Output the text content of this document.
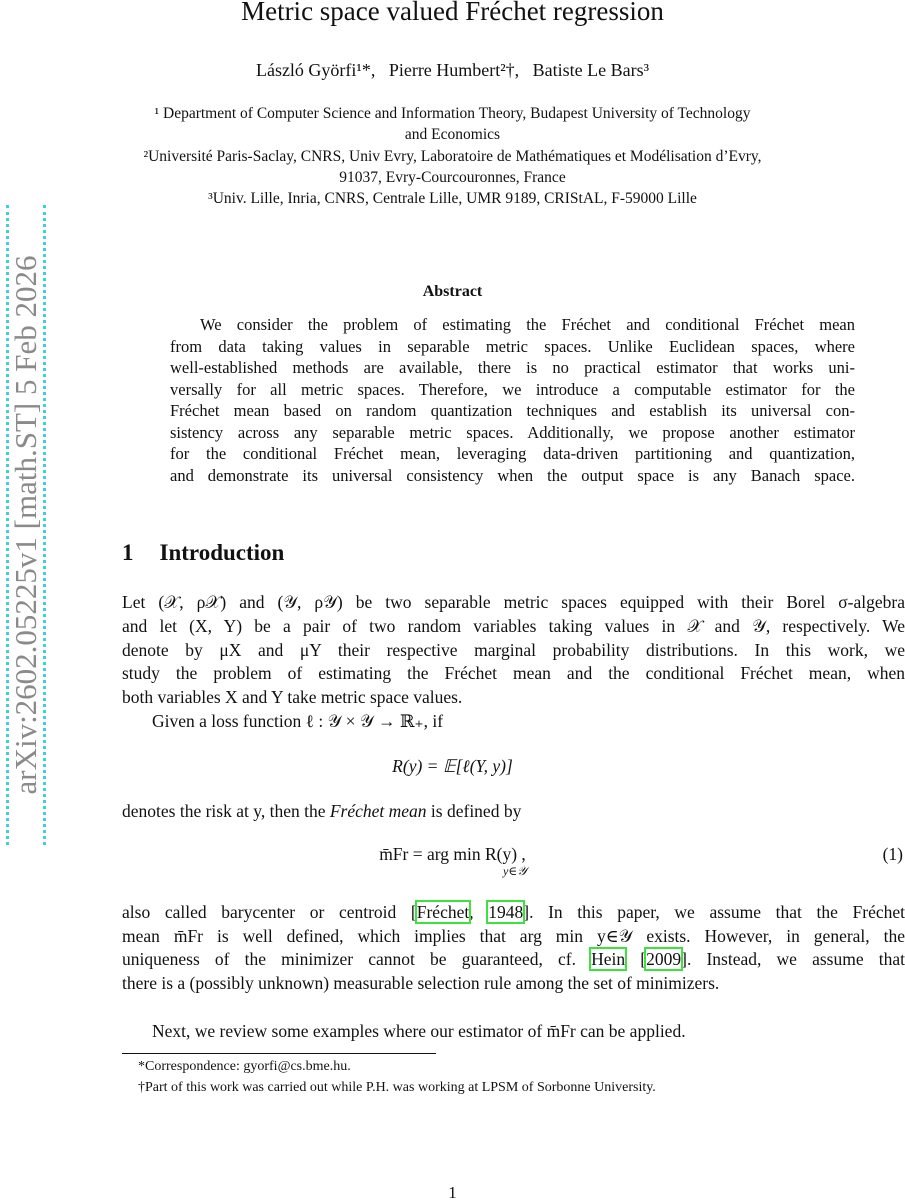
arXiv:2602.05225v1 [math.ST] 5 Feb 2026
Metric space valued Fréchet regression
László Györfi¹*,   Pierre Humbert²†,   Batiste Le Bars³
¹ Department of Computer Science and Information Theory, Budapest University of Technology
and Economics
²Université Paris-Saclay, CNRS, Univ Evry, Laboratoire de Mathématiques et Modélisation d’Evry,
91037, Evry-Courcouronnes, France
³Univ. Lille, Inria, CNRS, Centrale Lille, UMR 9189, CRIStAL, F-59000 Lille
Abstract
We consider the problem of estimating the Fréchet and conditional Fréchet mean
from data taking values in separable metric spaces. Unlike Euclidean spaces, where
well-established methods are available, there is no practical estimator that works uni-
versally for all metric spaces. Therefore, we introduce a computable estimator for the
Fréchet mean based on random quantization techniques and establish its universal con-
sistency across any separable metric spaces. Additionally, we propose another estimator
for the conditional Fréchet mean, leveraging data-driven partitioning and quantization,
and demonstrate its universal consistency when the output space is any Banach space.
1 Introduction
Let (𝒳, ρ𝒳) and (𝒴, ρ𝒴) be two separable metric spaces equipped with their Borel σ-algebra
and let (X, Y) be a pair of two random variables taking values in 𝒳 and 𝒴, respectively. We
denote by μX and μY their respective marginal probability distributions. In this work, we
study the problem of estimating the Fréchet mean and the conditional Fréchet mean, when
both variables X and Y take metric space values.
Given a loss function ℓ : 𝒴 × 𝒴 → ℝ₊, if
R(y) = 𝔼[ℓ(Y, y)]
denotes the risk at y, then the Fréchet mean is defined by
m̄Fr = arg min R(y) ,
y∈𝒴
(1)
also called barycenter or centroid [Fréchet, 1948]. In this paper, we assume that the Fréchet
mean m̄Fr is well defined, which implies that arg min y∈𝒴 exists. However, in general, the
uniqueness of the minimizer cannot be guaranteed, cf. Hein [2009]. Instead, we assume that
there is a (possibly unknown) measurable selection rule among the set of minimizers.
Next, we review some examples where our estimator of m̄Fr can be applied.
*Correspondence: gyorfi@cs.bme.hu.
†Part of this work was carried out while P.H. was working at LPSM of Sorbonne University.
1
